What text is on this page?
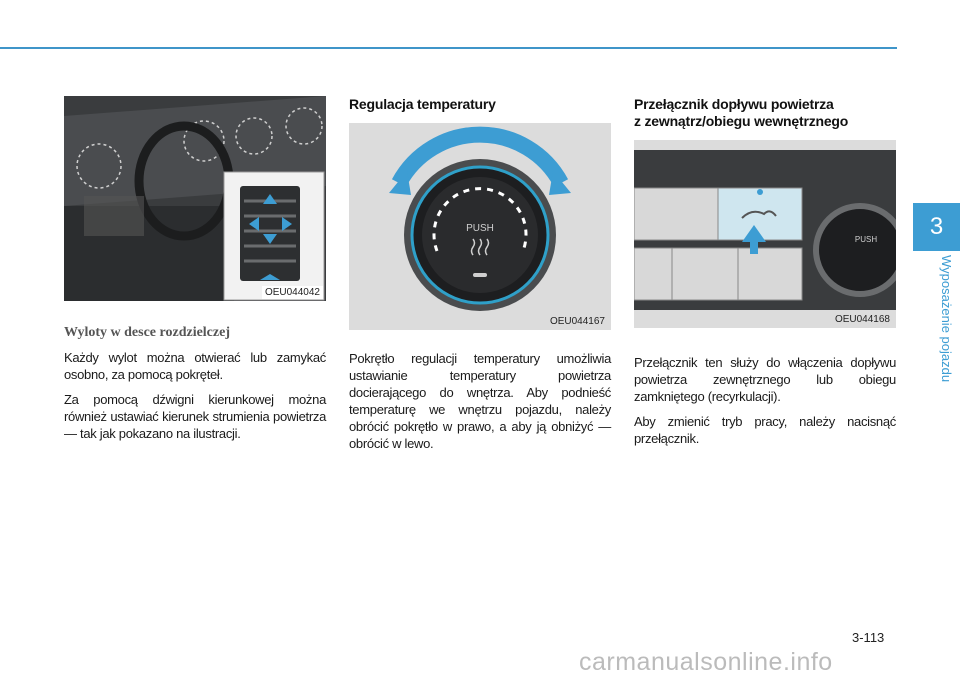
OEU044042
Wyloty w desce rozdzielczej

Każdy wylot można otwierać lub zamykać osobno, za pomocą pokręteł.

Za pomocą dźwigni kierunkowej można również ustawiać kierunek strumienia powietrza — tak jak pokazano na ilustracji.

Regulacja temperatury
PUSH
OEU044167

Pokrętło regulacji temperatury umożliwia ustawianie temperatury powietrza docierającego do wnętrza. Aby podnieść temperaturę we wnętrzu pojazdu, należy obrócić pokrętło w prawo, a aby ją obniżyć — obrócić w lewo.

Przełącznik dopływu powietrza
z zewnątrz/obiegu wewnętrznego
PUSH
OEU044168

Przełącznik ten służy do włączenia dopływu powietrza zewnętrznego lub obiegu zamkniętego (recyrkulacji).

Aby zmienić tryb pracy, należy nacisnąć przełącznik.

3
Wyposażenie pojazdu
3-113
carmanualsonline.info
